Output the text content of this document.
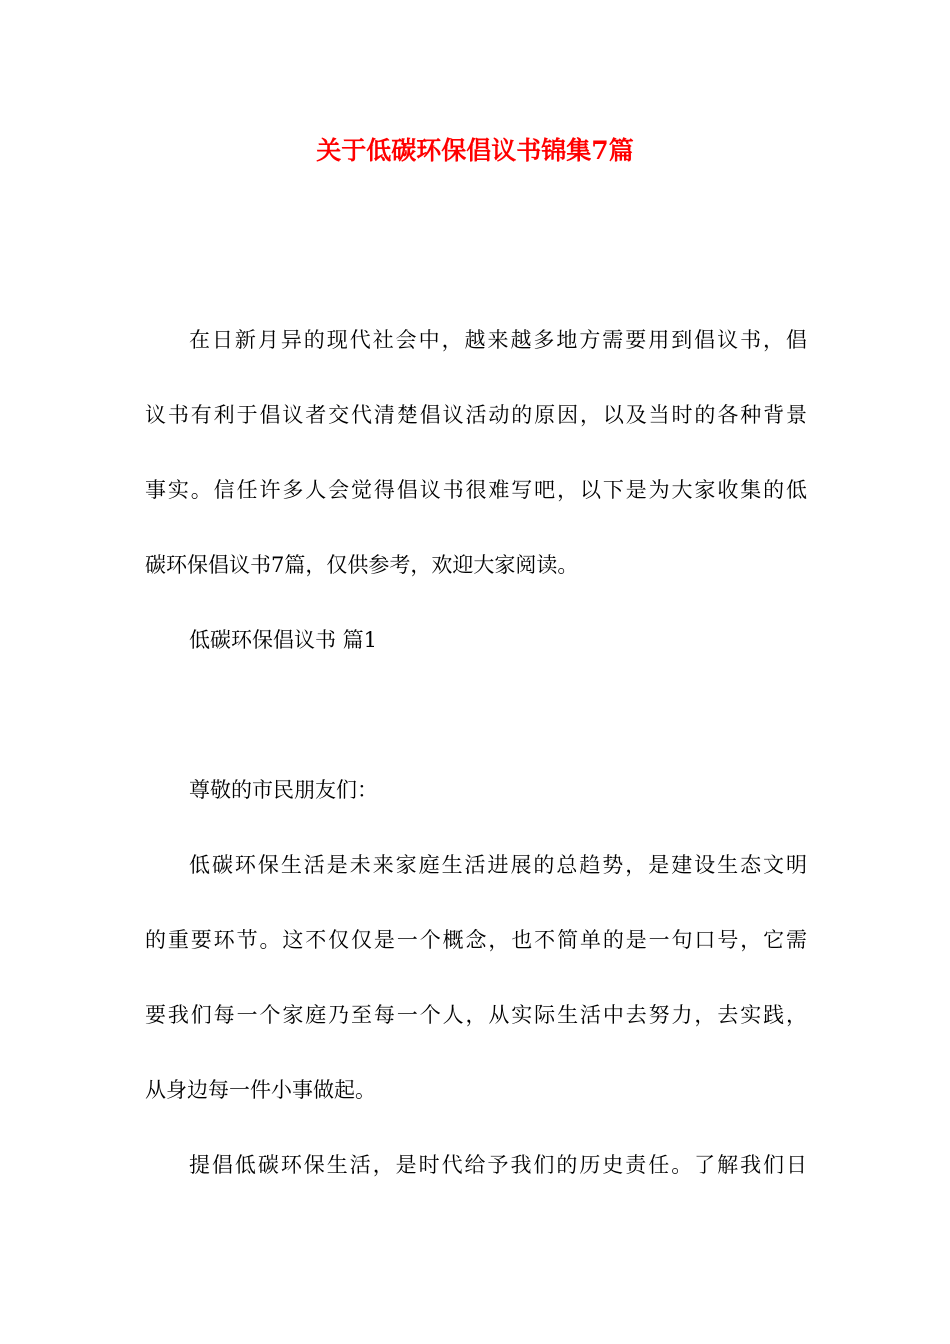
关于低碳环保倡议书锦集7篇
在日新月异的现代社会中，越来越多地方需要用到倡议书，倡
议书有利于倡议者交代清楚倡议活动的原因，以及当时的各种背景
事实。信任许多人会觉得倡议书很难写吧，以下是为大家收集的低
碳环保倡议书7篇，仅供参考，欢迎大家阅读。
低碳环保倡议书 篇1
尊敬的市民朋友们：
低碳环保生活是未来家庭生活进展的总趋势，是建设生态文明
的重要环节。这不仅仅是一个概念，也不简单的是一句口号，它需
要我们每一个家庭乃至每一个人，从实际生活中去努力，去实践，
从身边每一件小事做起。
提倡低碳环保生活，是时代给予我们的历史责任。了解我们日
